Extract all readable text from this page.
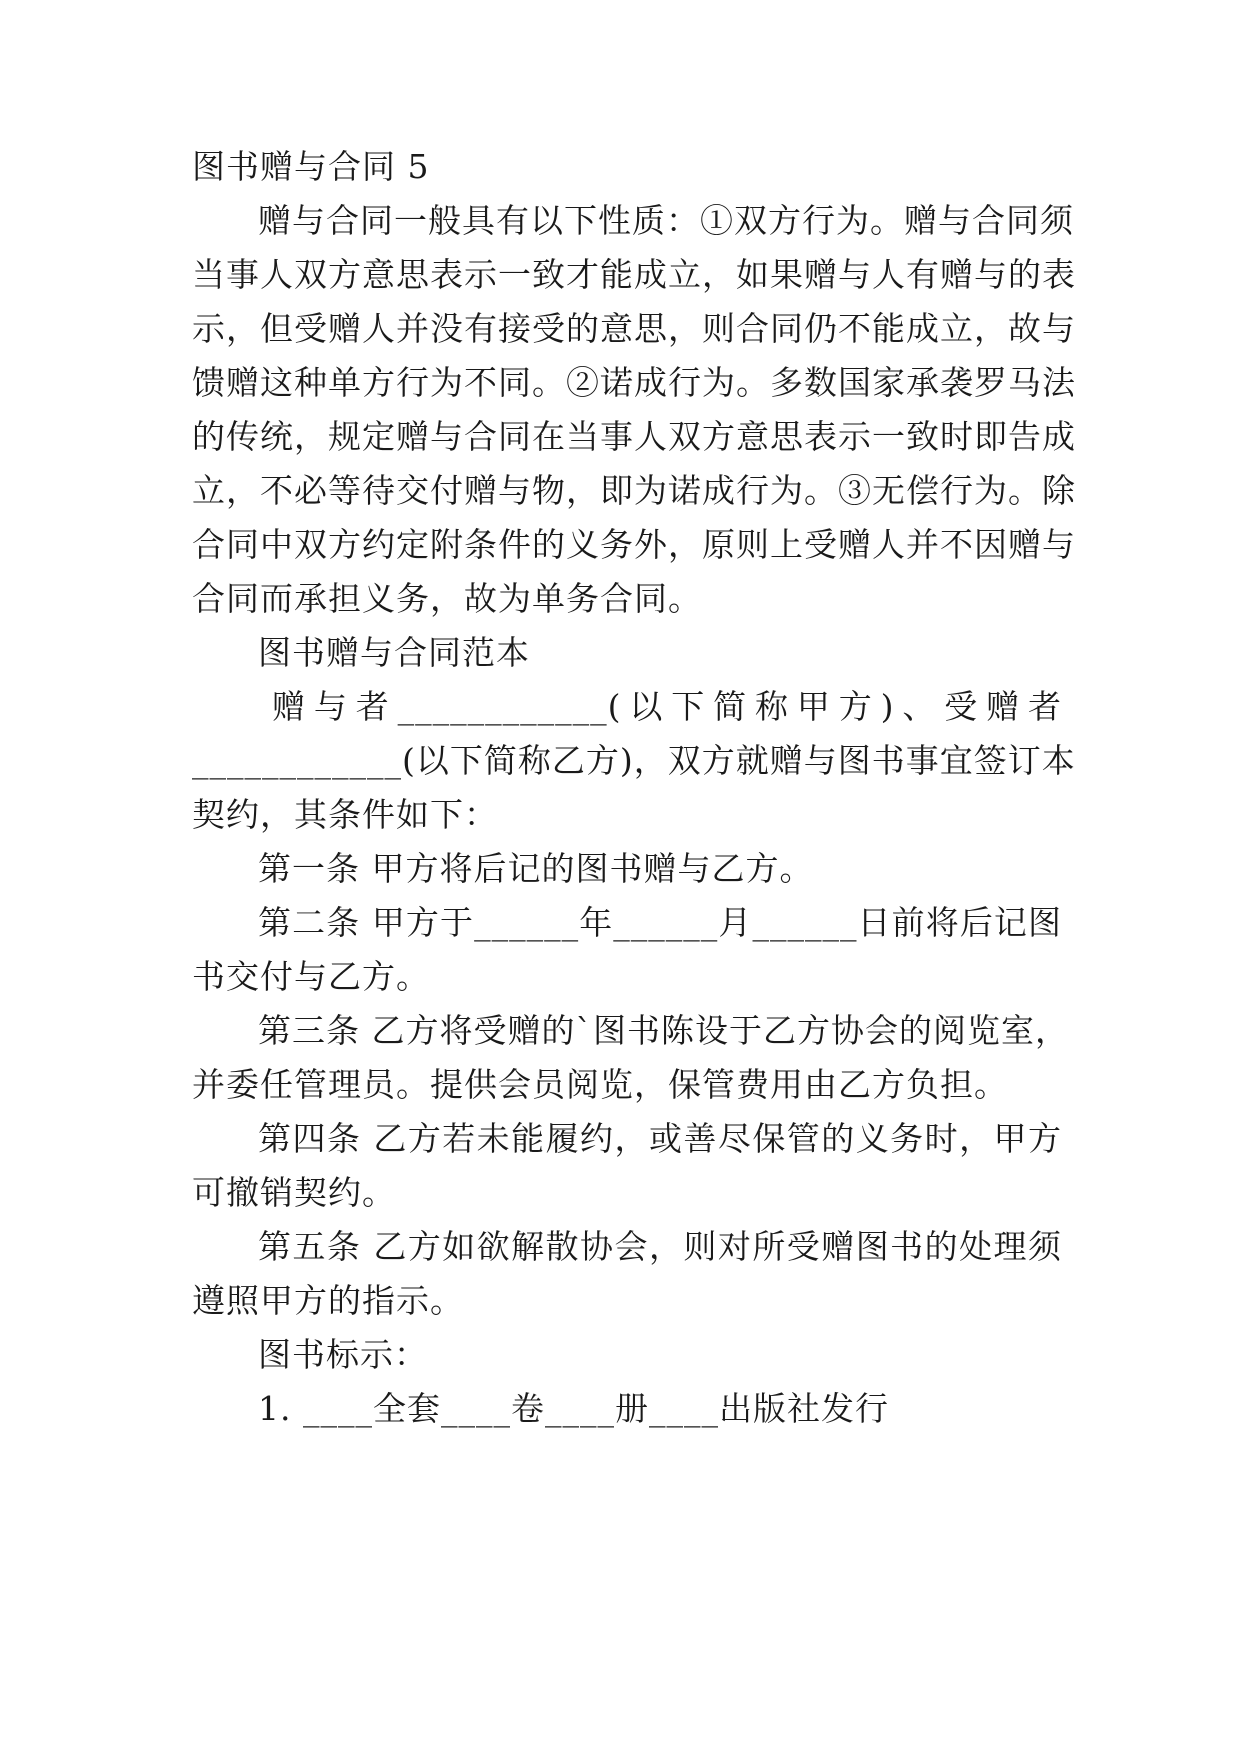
图书赠与合同 5
赠与合同一般具有以下性质：①双方行为。赠与合同须
当事人双方意思表示一致才能成立，如果赠与人有赠与的表
示，但受赠人并没有接受的意思，则合同仍不能成立，故与
馈赠这种单方行为不同。②诺成行为。多数国家承袭罗马法
的传统，规定赠与合同在当事人双方意思表示一致时即告成
立，不必等待交付赠与物，即为诺成行为。③无偿行为。除
合同中双方约定附条件的义务外，原则上受赠人并不因赠与
合同而承担义务，故为单务合同。
图书赠与合同范本
赠与者____________(以下简称甲方)、受赠者
____________(以下简称乙方)，双方就赠与图书事宜签订本
契约，其条件如下：
第一条 甲方将后记的图书赠与乙方。
第二条 甲方于______年______月______日前将后记图
书交付与乙方。
第三条 乙方将受赠的`图书陈设于乙方协会的阅览室，
并委任管理员。提供会员阅览，保管费用由乙方负担。
第四条 乙方若未能履约，或善尽保管的义务时，甲方
可撤销契约。
第五条 乙方如欲解散协会，则对所受赠图书的处理须
遵照甲方的指示。
图书标示：
1. ____全套____卷____册____出版社发行
